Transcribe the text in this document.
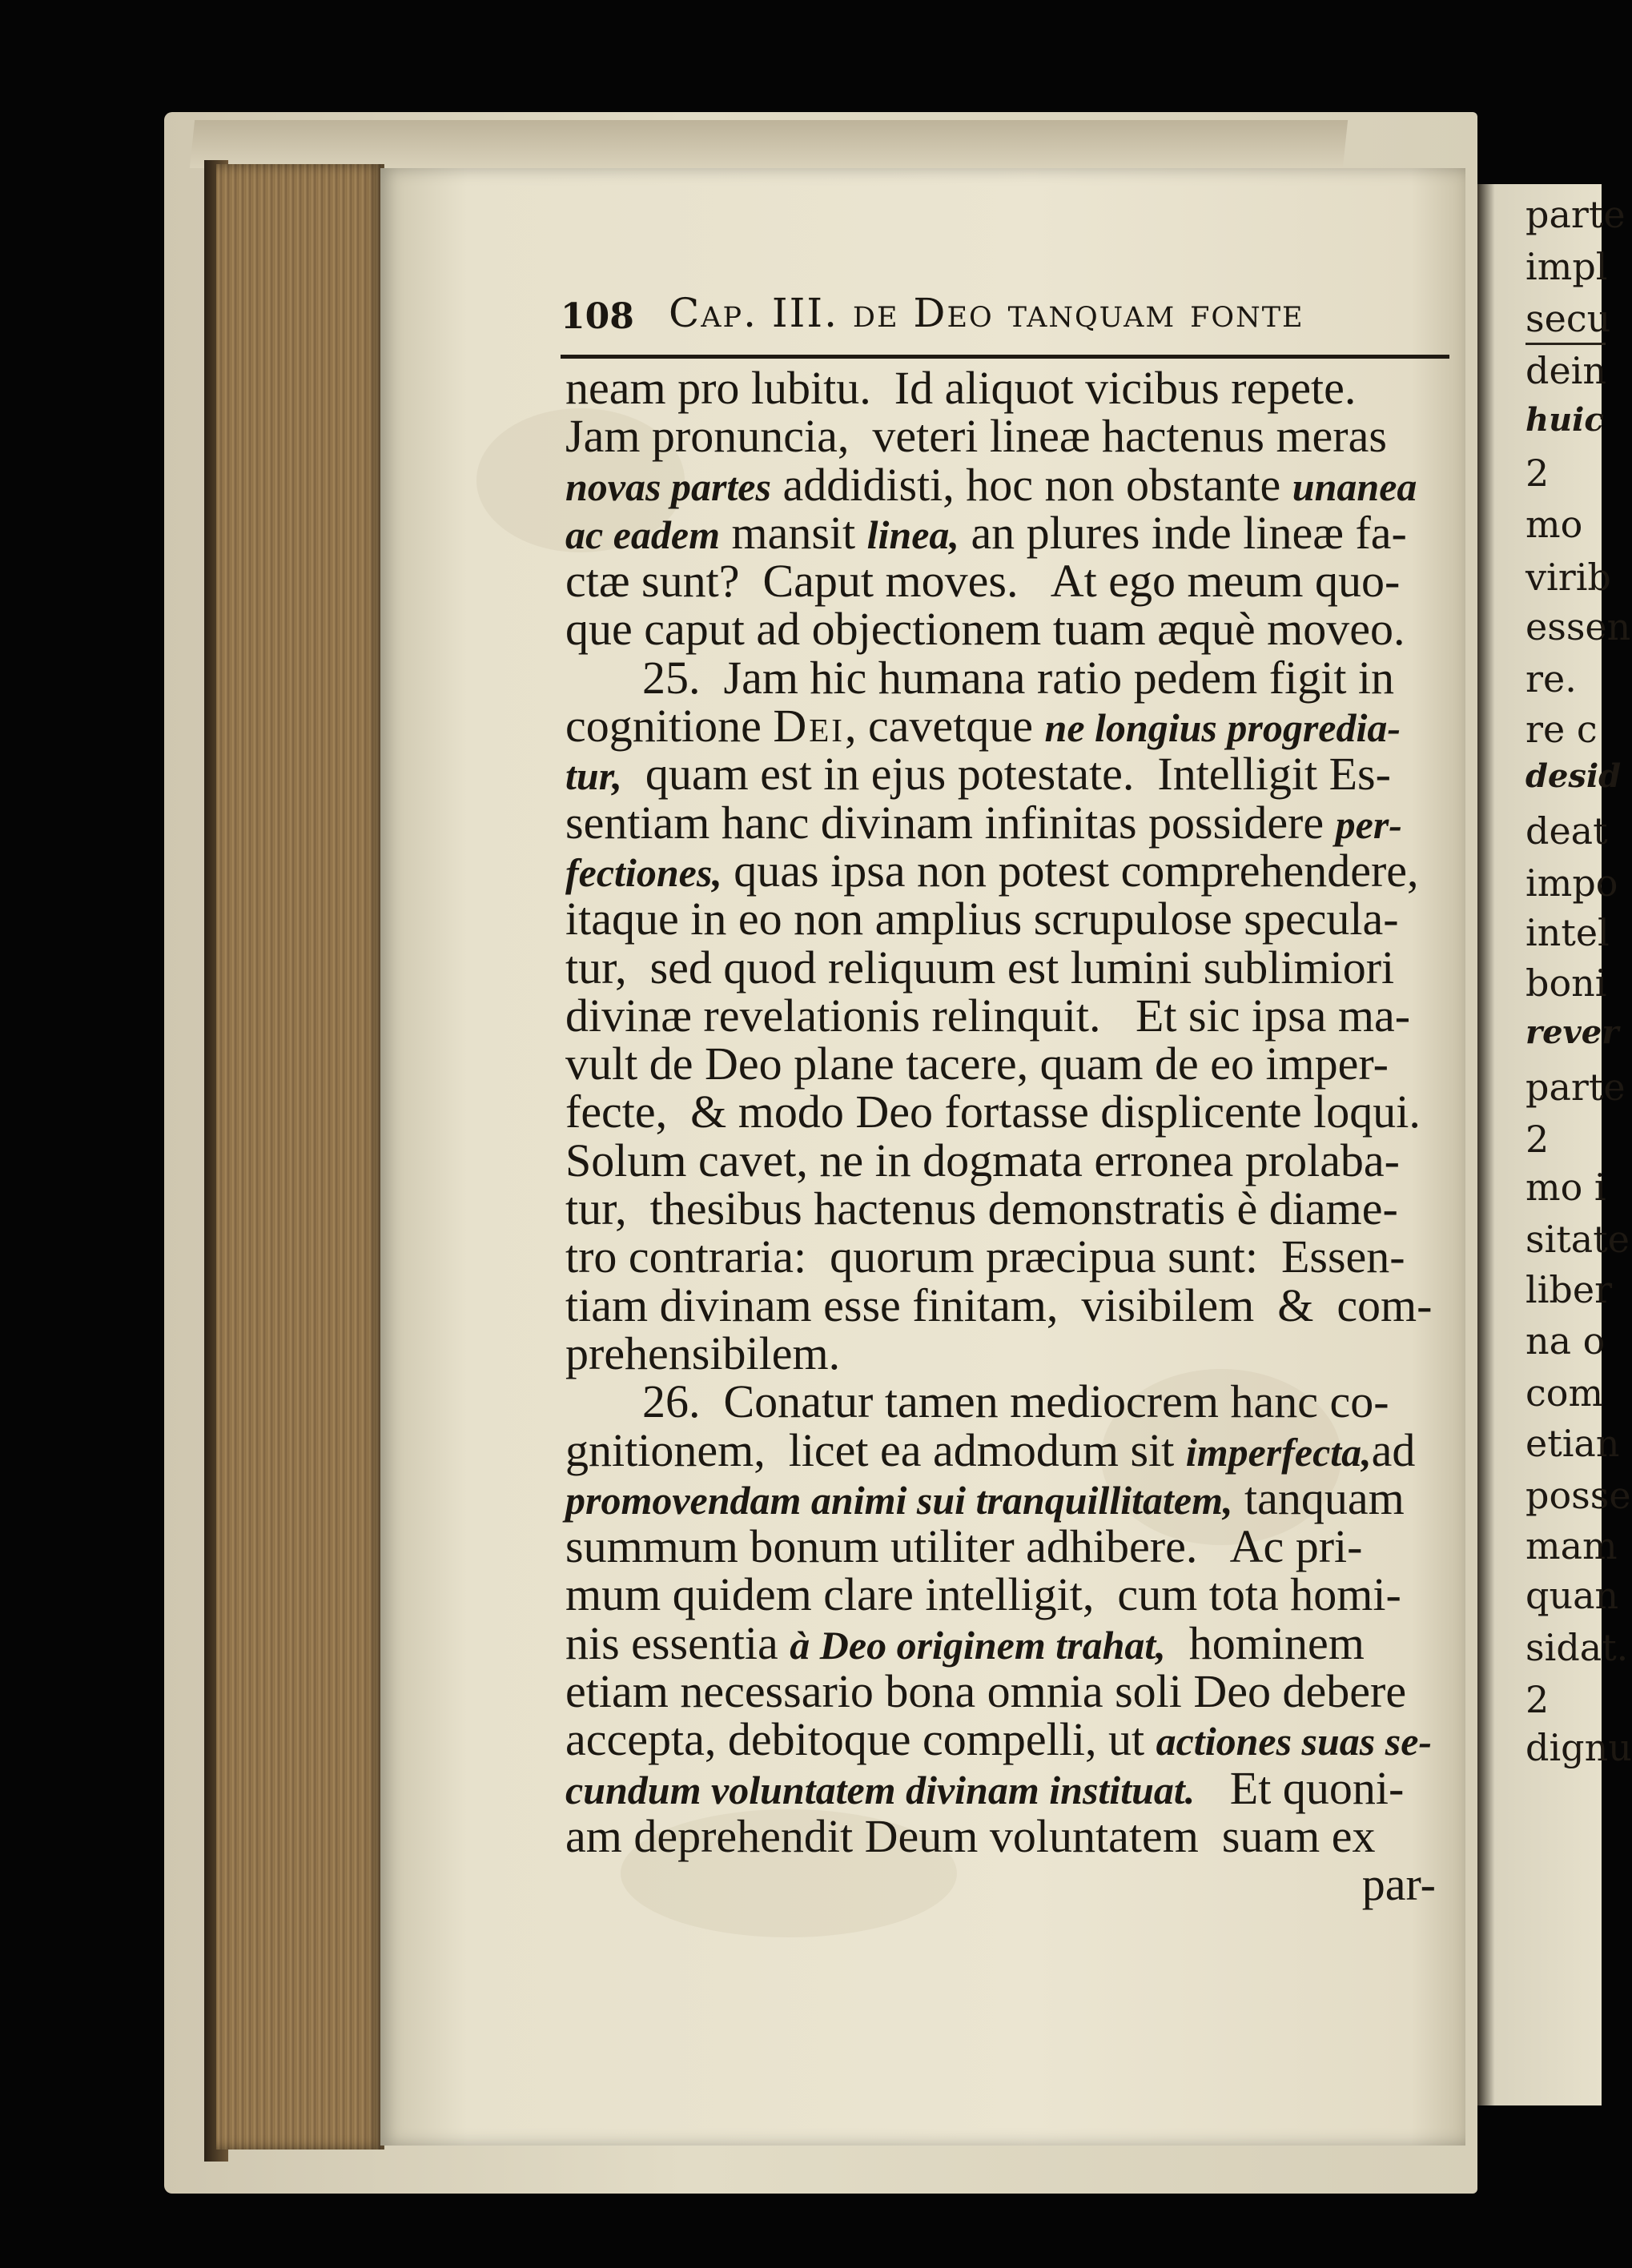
108 Cap. III. de Deo tanquam fonte
neam pro lubitu.  Id aliquot vicibus repete.
Jam pronuncia,  veteri lineæ hactenus meras
novas partes addidisti, hoc non obstante unanea
ac eadem mansit linea, an plures inde lineæ fa-
ctæ sunt?  Caput moves.   At ego meum quo-
que caput ad objectionem tuam æquè moveo.
25.  Jam hic humana ratio pedem figit in
cognitione Dei, cavetque ne longius progredia-
tur,  quam est in ejus potestate.  Intelligit Es-
sentiam hanc divinam infinitas possidere per-
fectiones, quas ipsa non potest comprehendere,
itaque in eo non amplius scrupulose specula-
tur,  sed quod reliquum est lumini sublimiori
divinæ revelationis relinquit.   Et sic ipsa ma-
vult de Deo plane tacere, quam de eo imper-
fecte,  & modo Deo fortasse displicente loqui.
Solum cavet, ne in dogmata erronea prolaba-
tur,  thesibus hactenus demonstratis è diame-
tro contraria:  quorum præcipua sunt:  Essen-
tiam divinam esse finitam,  visibilem  &  com-
prehensibilem.
26.  Conatur tamen mediocrem hanc co-
gnitionem,  licet ea admodum sit imperfecta,ad
promovendam animi sui tranquillitatem, tanquam
summum bonum utiliter adhibere.   Ac pri-
mum quidem clare intelligit,  cum tota homi-
nis essentia à Deo originem trahat,  hominem
etiam necessario bona omnia soli Deo debere
accepta, debitoque compelli, ut actiones suas se-
cundum voluntatem divinam instituat.   Et quoni-
am deprehendit Deum voluntatem  suam ex
par-
parte
impl
secu
dein
huic
2
mo
virib
essen
re.
re c
desid
deat
impo
intel
boni
rever
parte
2
mo i
sitate
liber
na o
com
etian
posse
mam
quan
sidat.
2
dignu
